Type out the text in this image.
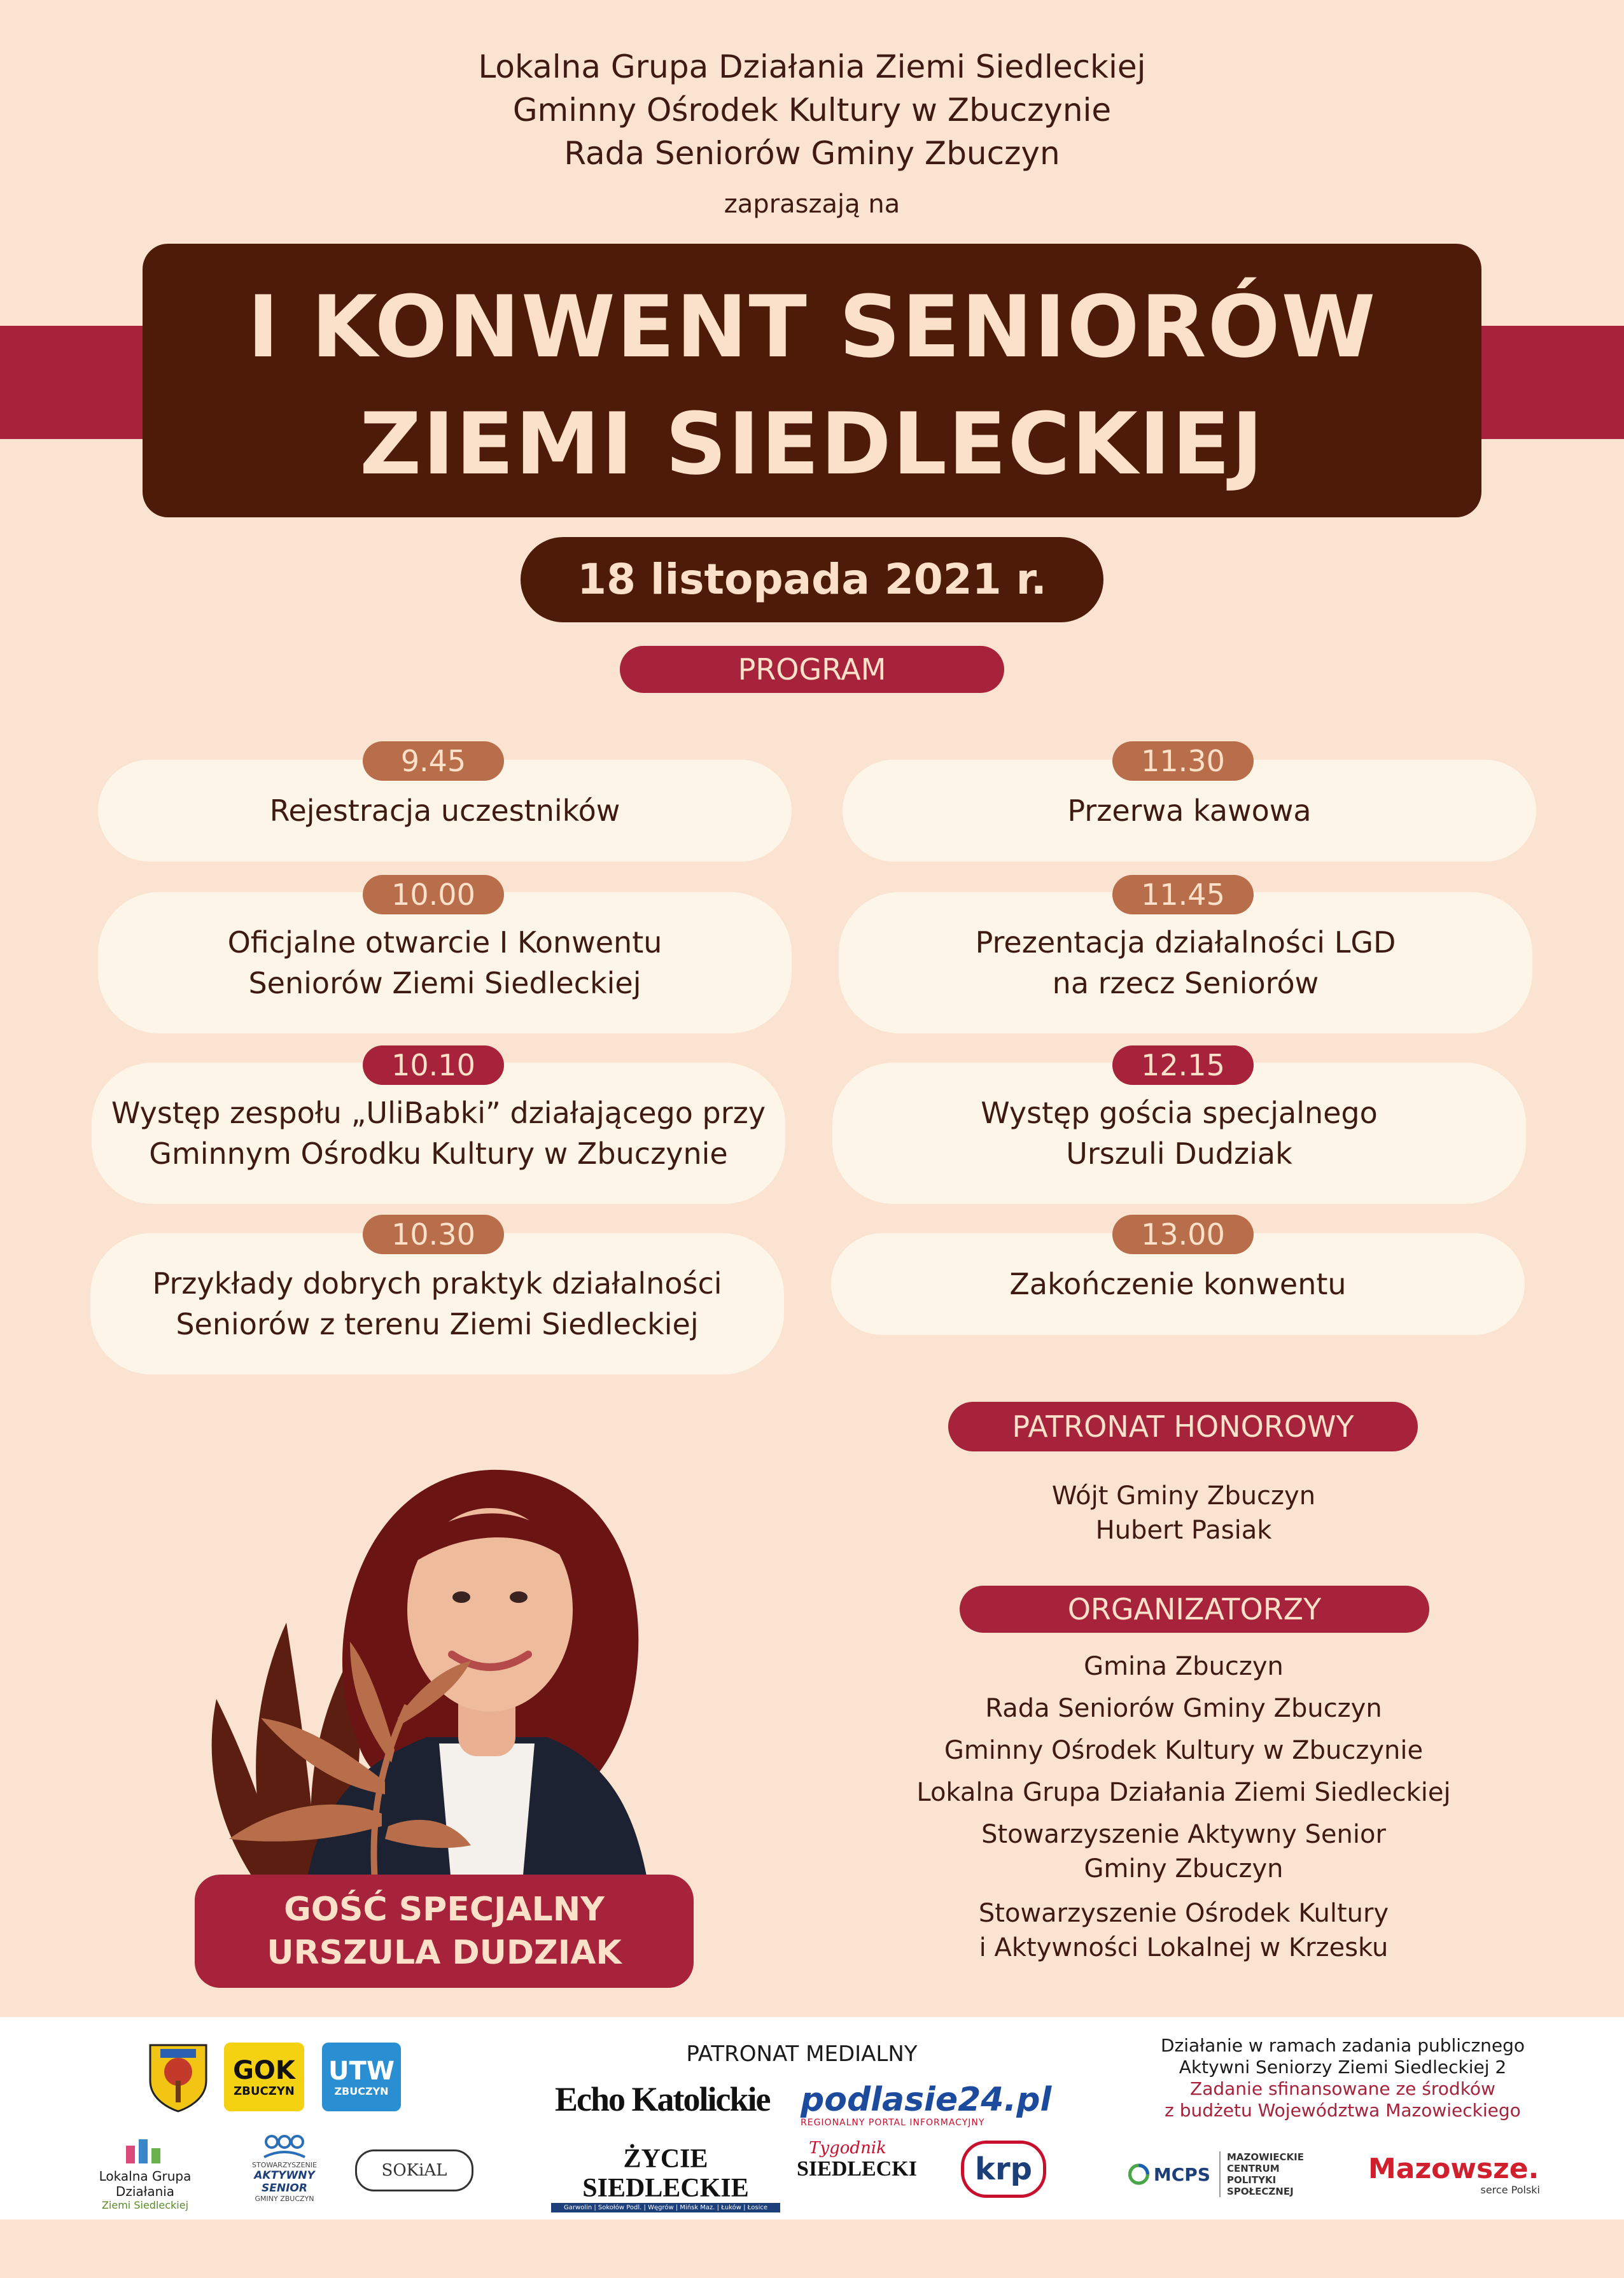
Lokalna Grupa Działania Ziemi Siedleckiej
Gminny Ośrodek Kultury w Zbuczynie
Rada Seniorów Gminy Zbuczyn
zapraszają na
I KONWENT SENIORÓW
ZIEMI SIEDLECKIEJ
18 listopada 2021 r.
PROGRAM
Rejestracja uczestników
9.45
Oficjalne otwarcie I Konwentu
Seniorów Ziemi Siedleckiej
10.00
Występ zespołu „UliBabki” działającego przy
Gminnym Ośrodku Kultury w Zbuczynie
10.10
Przykłady dobrych praktyk działalności
Seniorów z terenu Ziemi Siedleckiej
10.30
Przerwa kawowa
11.30
Prezentacja działalności LGD
na rzecz Seniorów
11.45
Występ gościa specjalnego
Urszuli Dudziak
12.15
Zakończenie konwentu
13.00
GOŚĆ SPECJALNY
URSZULA DUDZIAK
PATRONAT HONOROWY
Wójt Gminy Zbuczyn
Hubert Pasiak
ORGANIZATORZY
Gmina Zbuczyn
Rada Seniorów Gminy Zbuczyn
Gminny Ośrodek Kultury w Zbuczynie
Lokalna Grupa Działania Ziemi Siedleckiej
Stowarzyszenie Aktywny Senior
Gminy Zbuczyn
Stowarzyszenie Ośrodek Kultury
i Aktywności Lokalnej w Krzesku
GOK
ZBUCZYN
UTW
ZBUCZYN
Lokalna Grupa Działania
Ziemi Siedleckiej
STOWARZYSZENIE
AKTYWNY SENIOR
GMINY ZBUCZYN
SOKiAL
PATRONAT MEDIALNY
Echo Katolickie podlasie24.pl
REGIONALNY PORTAL INFORMACYJNY
ŻYCIE SIEDLECKIE
Garwolin | Sokołów Podl. | Węgrów | Mińsk Maz. | Łuków | Łosice
Tygodnik
SIEDLECKI krp
Działanie w ramach zadania publicznego
Aktywni Seniorzy Ziemi Siedleckiej 2
Zadanie sfinansowane ze środków
z budżetu Województwa Mazowieckiego
MCPS
MAZOWIECKIE
CENTRUM POLITYKI
SPOŁECZNEJ
Mazowsze.
serce Polski
